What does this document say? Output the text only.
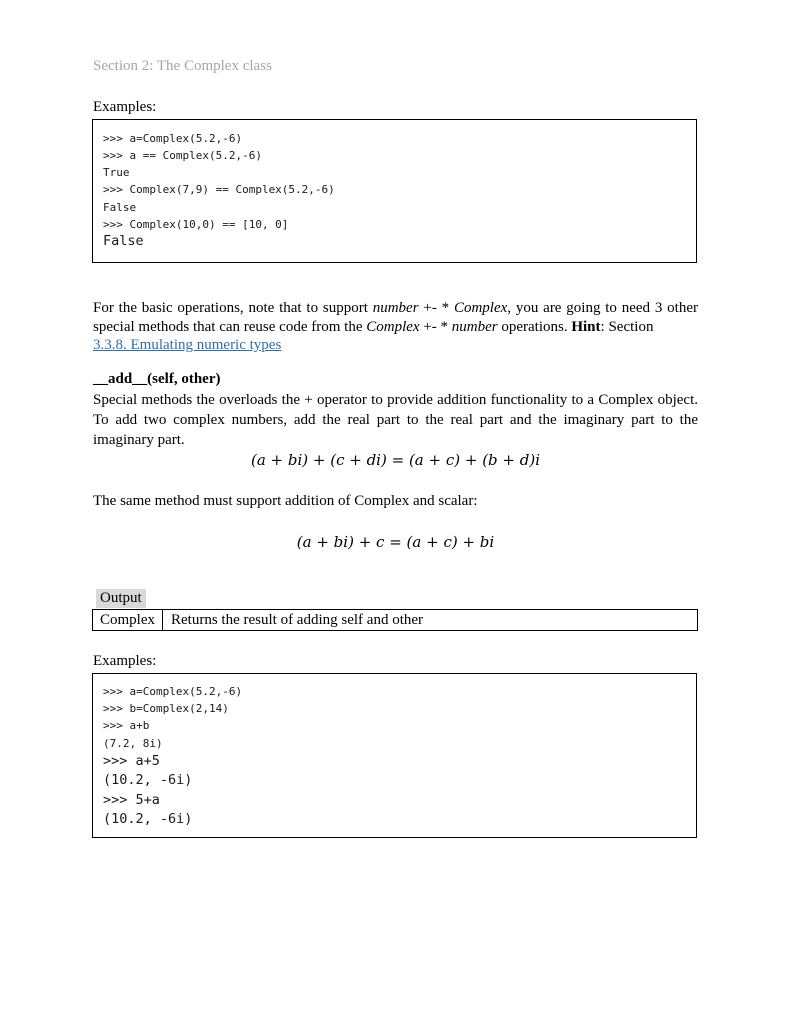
Section 2: The Complex class
Examples:
>>> a=Complex(5.2,-6)
>>> a == Complex(5.2,-6)
True
>>> Complex(7,9) == Complex(5.2,-6)
False
>>> Complex(10,0) == [10, 0]
False

For the basic operations, note that to support number +- * Complex, you are going to need 3 other special methods that can reuse code from the Complex +- * number operations. Hint: Section
3.3.8. Emulating numeric types

__add__(self, other)
Special methods the overloads the + operator to provide addition functionality to a Complex object. To add two complex numbers, add the real part to the real part and the imaginary part to the imaginary part.
(a + bi) + (c + di) = (a + c) + (b + d)i
The same method must support addition of Complex and scalar:
(a + bi) + c = (a + c) + bi
Output
Complex	Returns the result of adding self and other
Examples:
>>> a=Complex(5.2,-6)
>>> b=Complex(2,14)
>>> a+b
(7.2, 8i)
>>> a+5
(10.2, -6i)
>>> 5+a
(10.2, -6i)
